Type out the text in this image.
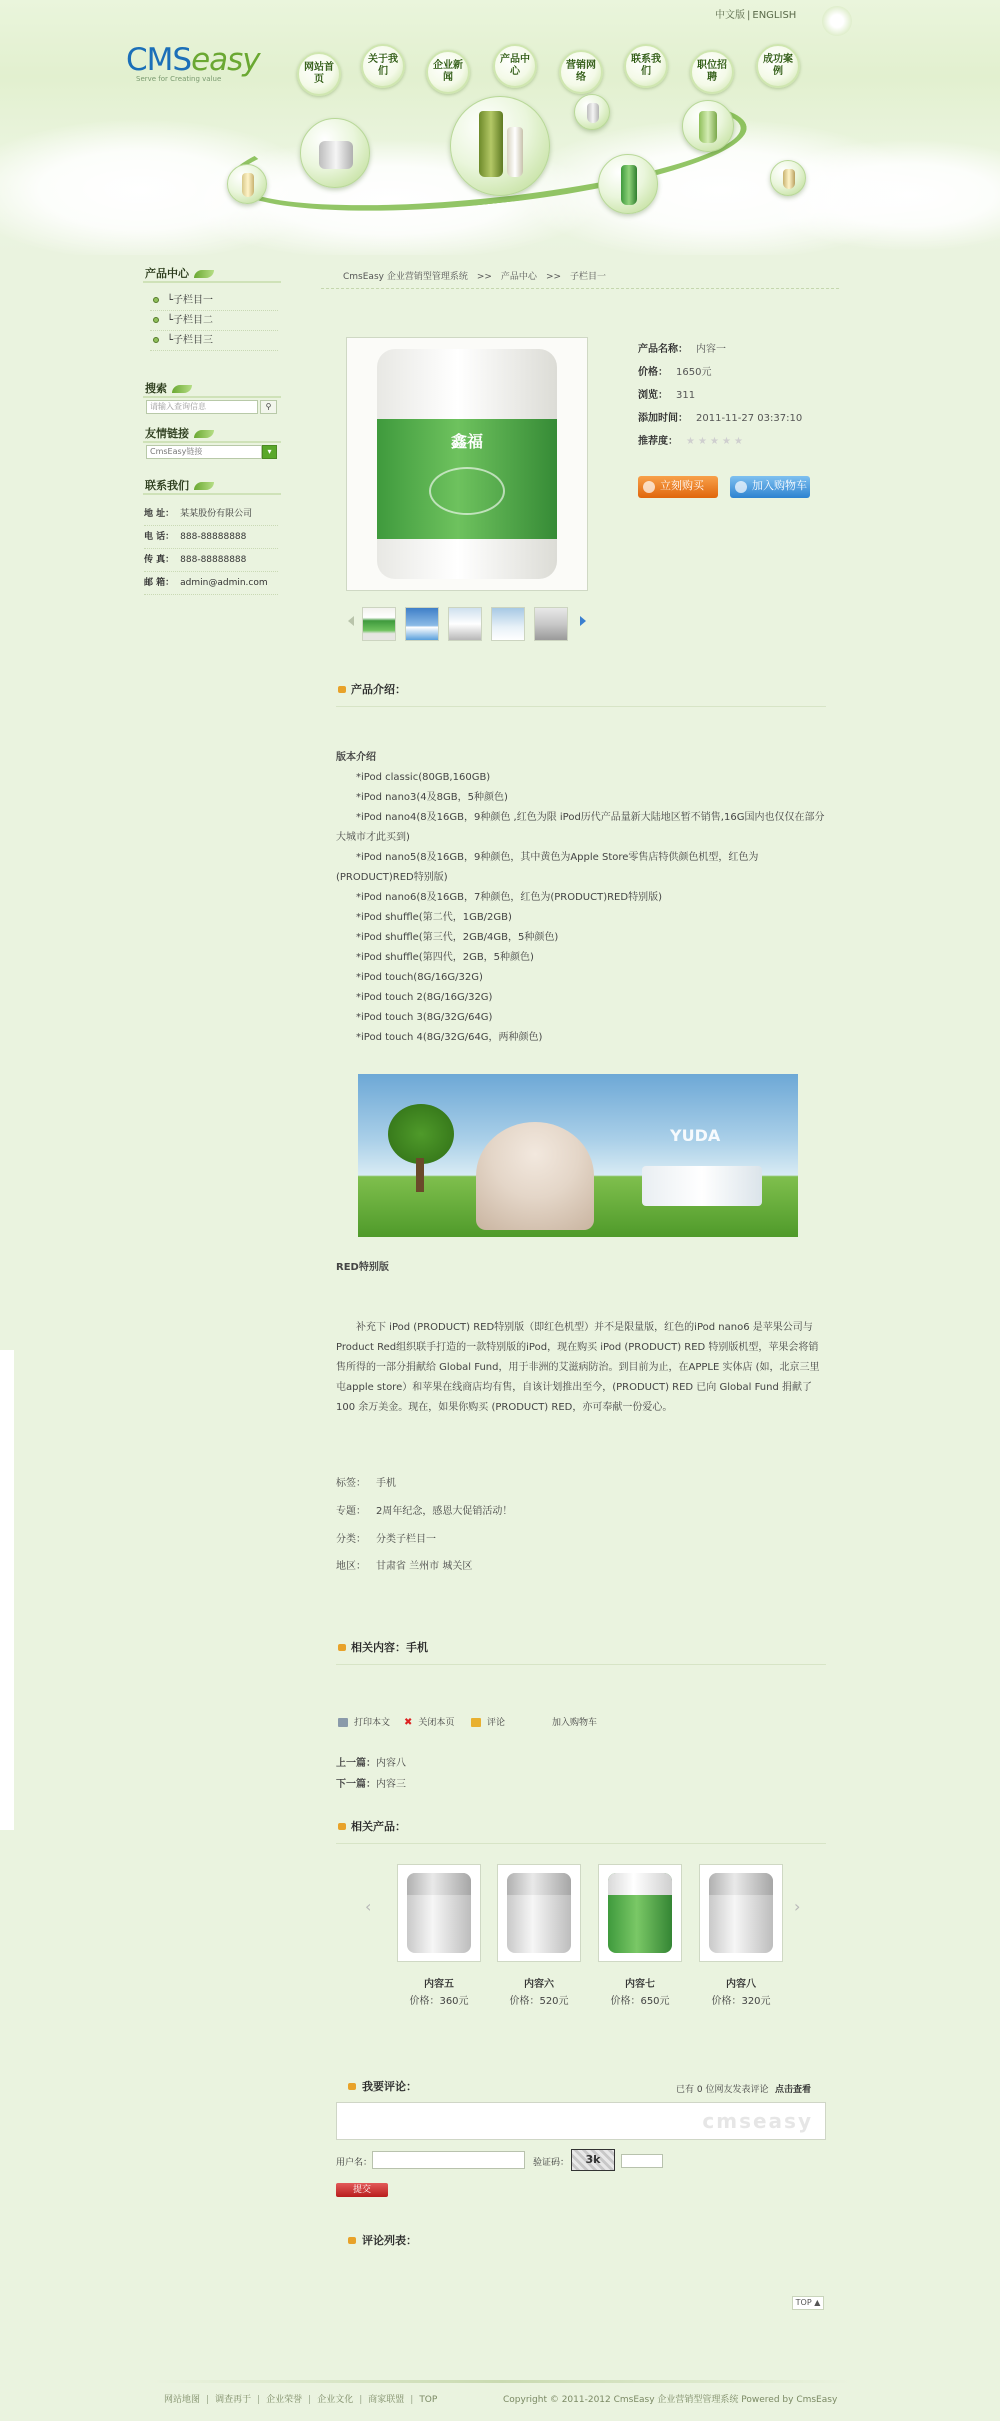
CMSeasy
Serve for Creating value
中文版 | ENGLISH
网站首页
关于我们
企业新闻
产品中心
营销网络
联系我们
职位招聘
成功案例
产品中心
└子栏目一
└子栏目二
└子栏目三
搜索
请输入查询信息	⚲
友情链接
CmsEasy链接	▾
联系我们
地 址： 某某股份有限公司
电 话： 888-88888888
传 真： 888-88888888
邮 箱： admin@admin.com
CmsEasy 企业营销型管理系统 >> 产品中心 >> 子栏目一
鑫福
产品名称： 内容一
价格： 1650元
浏览： 311
添加时间： 2011-11-27 03:37:10
推荐度： ★ ★ ★ ★ ★
立刻购买	加入购物车
产品介绍：

版本介绍

*iPod classic(80GB,160GB)

*iPod nano3(4及8GB，5种颜色)

*iPod nano4(8及16GB，9种颜色 ,红色为限 iPod历代产品量新大陆地区暂不销售,16G国内也仅仅在部分大城市才此买到)

*iPod nano5(8及16GB，9种颜色，其中黄色为Apple Store零售店特供颜色机型，红色为 (PRODUCT)RED特别版)

*iPod nano6(8及16GB，7种颜色，红色为(PRODUCT)RED特别版)

*iPod shuffle(第二代，1GB/2GB)

*iPod shuffle(第三代，2GB/4GB，5种颜色)

*iPod shuffle(第四代，2GB，5种颜色)

*iPod touch(8G/16G/32G)

*iPod touch 2(8G/16G/32G)

*iPod touch 3(8G/32G/64G)

*iPod touch 4(8G/32G/64G，两种颜色)

YUDA
RED特别版
补充下 iPod (PRODUCT) RED特别版（即红色机型）并不是限量版，红色的iPod nano6 是苹果公司与Product Red组织联手打造的一款特别版的iPod，现在购买 iPod (PRODUCT) RED 特别版机型，苹果会将销售所得的一部分捐献给 Global Fund，用于非洲的艾滋病防治。到目前为止，在APPLE 实体店 (如，北京三里屯apple store）和苹果在线商店均有售，自该计划推出至今，(PRODUCT) RED 已向 Global Fund 捐献了 100 余万美金。现在，如果你购买 (PRODUCT) RED，亦可奉献一份爱心。
标签： 手机
专题： 2周年纪念，感恩大促销活动！
分类： 分类子栏目一
地区： 甘肃省 兰州市 城关区
相关内容：手机
打印本文 ✖ 关闭本页	评论	加入购物车
上一篇：内容八
下一篇：内容三
相关产品：
‹	›
内容五	内容六	内容七	内容八
价格：360元	价格：520元	价格：650元	价格：320元
我要评论：	已有 0 位网友发表评论 点击查看
cmseasy
用户名：	验证码：	3k
提交
评论列表：
TOP ▲
网站地图 | 调查再于 | 企业荣誉 | 企业文化 | 商家联盟 | TOP	Copyright © 2011-2012 CmsEasy 企业营销型管理系统 Powered by CmsEasy
